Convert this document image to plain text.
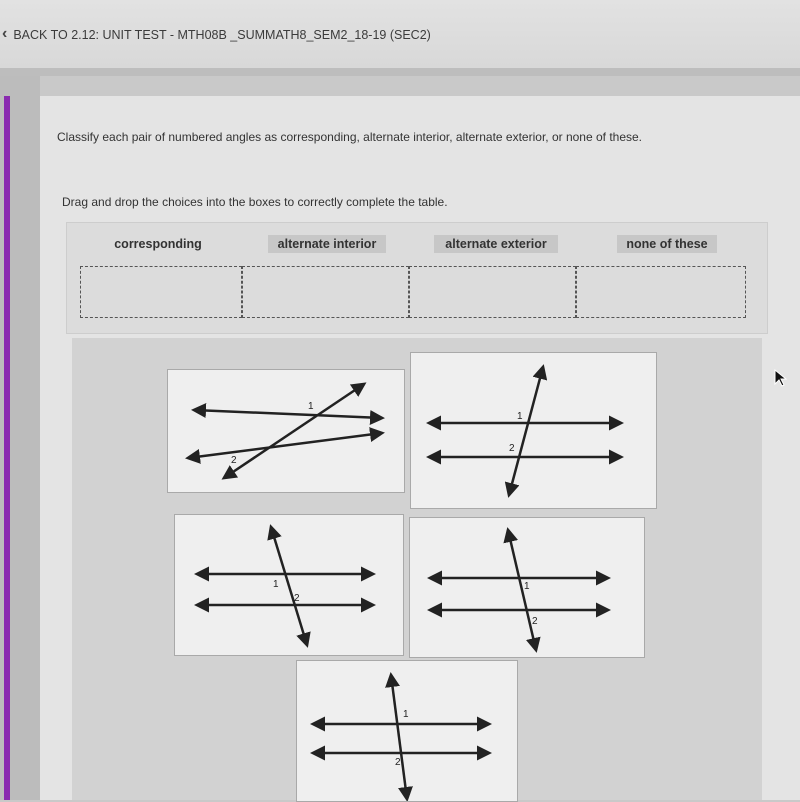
‹ BACK TO 2.12: UNIT TEST - MTH08B _SUMMATH8_SEM2_18-19 (SEC2)
Classify each pair of numbered angles as corresponding, alternate interior, alternate exterior, or none of these.
Drag and drop the choices into the boxes to correctly complete the table.
corresponding	alternate interior	alternate exterior	none of these
1
2
1
2
1
2
1
2
1
2
